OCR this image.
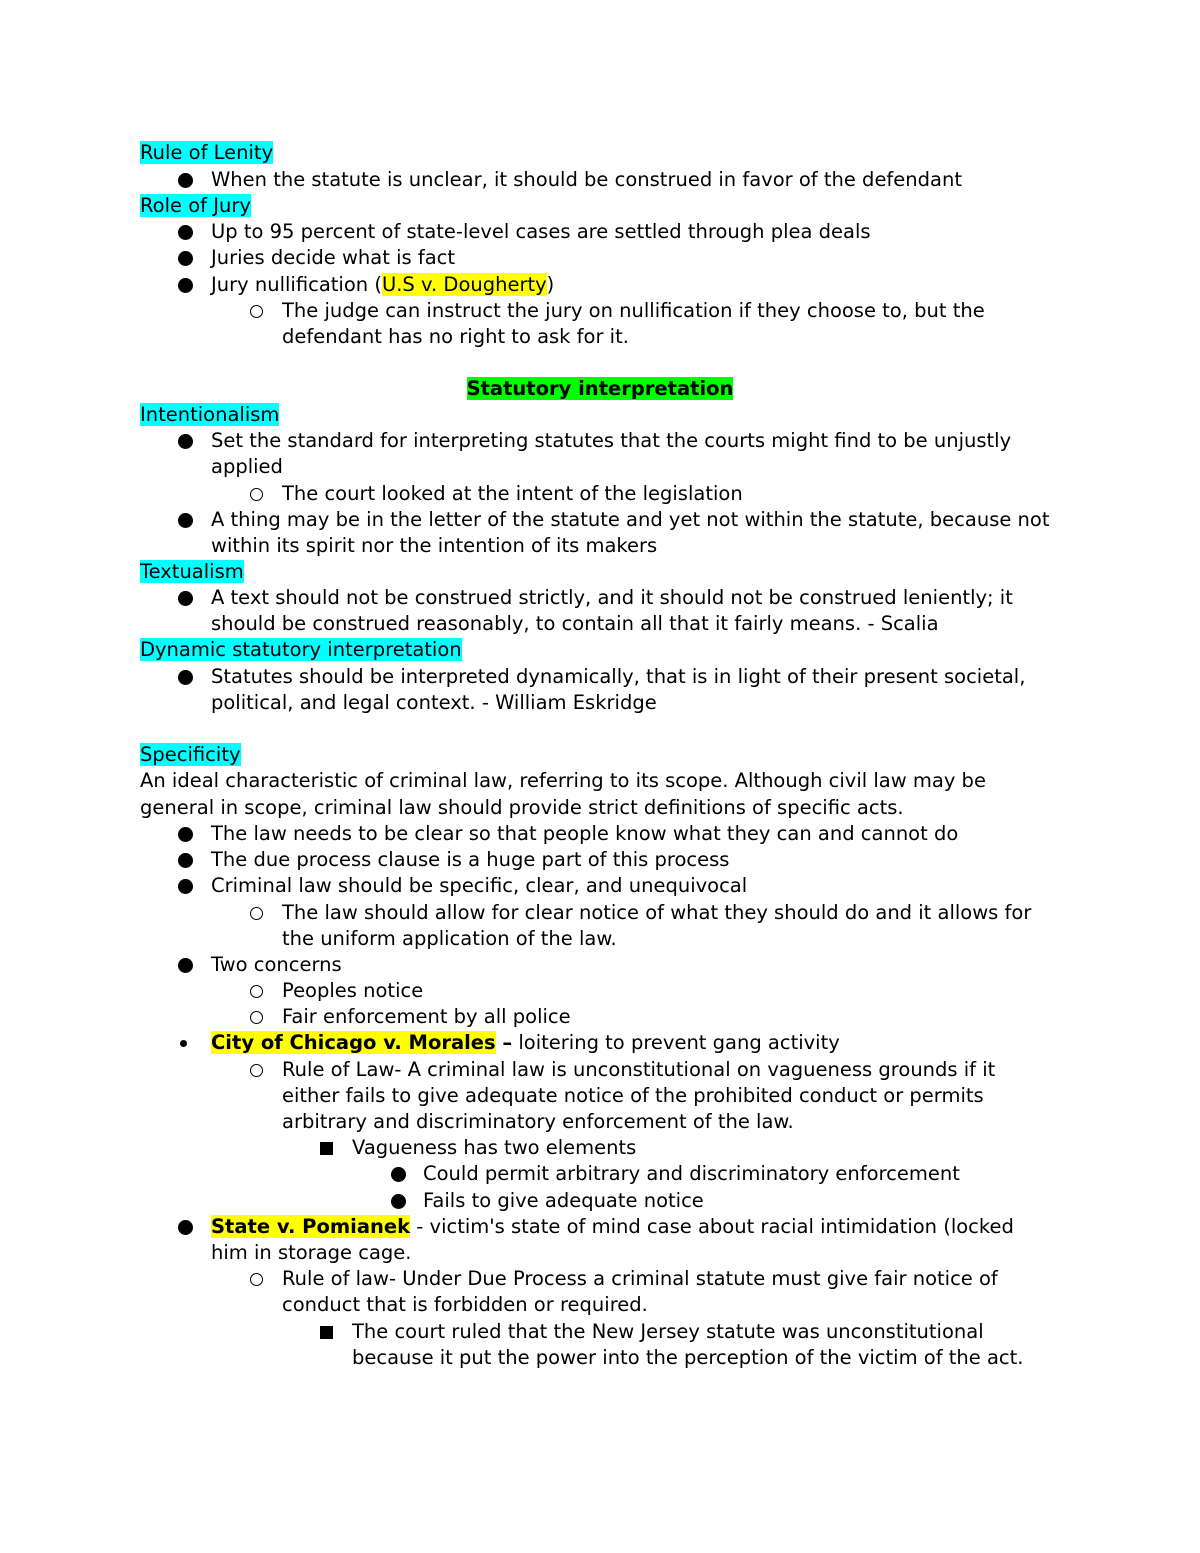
Rule of Lenity
When the statute is unclear, it should be construed in favor of the defendant
Role of Jury
Up to 95 percent of state-level cases are settled through plea deals
Juries decide what is fact
Jury nullification (U.S v. Dougherty)
The judge can instruct the jury on nullification if they choose to, but the
defendant has no right to ask for it.
Statutory interpretation
Intentionalism
Set the standard for interpreting statutes that the courts might find to be unjustly
applied
The court looked at the intent of the legislation
A thing may be in the letter of the statute and yet not within the statute, because not
within its spirit nor the intention of its makers
Textualism
A text should not be construed strictly, and it should not be construed leniently; it
should be construed reasonably, to contain all that it fairly means. - Scalia
Dynamic statutory interpretation
Statutes should be interpreted dynamically, that is in light of their present societal,
political, and legal context. - William Eskridge
Specificity
An ideal characteristic of criminal law, referring to its scope. Although civil law may be
general in scope, criminal law should provide strict definitions of specific acts.
The law needs to be clear so that people know what they can and cannot do
The due process clause is a huge part of this process
Criminal law should be specific, clear, and unequivocal
The law should allow for clear notice of what they should do and it allows for
the uniform application of the law.
Two concerns
Peoples notice
Fair enforcement by all police
City of Chicago v. Morales – loitering to prevent gang activity
Rule of Law- A criminal law is unconstitutional on vagueness grounds if it
either fails to give adequate notice of the prohibited conduct or permits
arbitrary and discriminatory enforcement of the law.
Vagueness has two elements
Could permit arbitrary and discriminatory enforcement
Fails to give adequate notice
State v. Pomianek - victim's state of mind case about racial intimidation (locked
him in storage cage.
Rule of law- Under Due Process a criminal statute must give fair notice of
conduct that is forbidden or required.
The court ruled that the New Jersey statute was unconstitutional
because it put the power into the perception of the victim of the act.
